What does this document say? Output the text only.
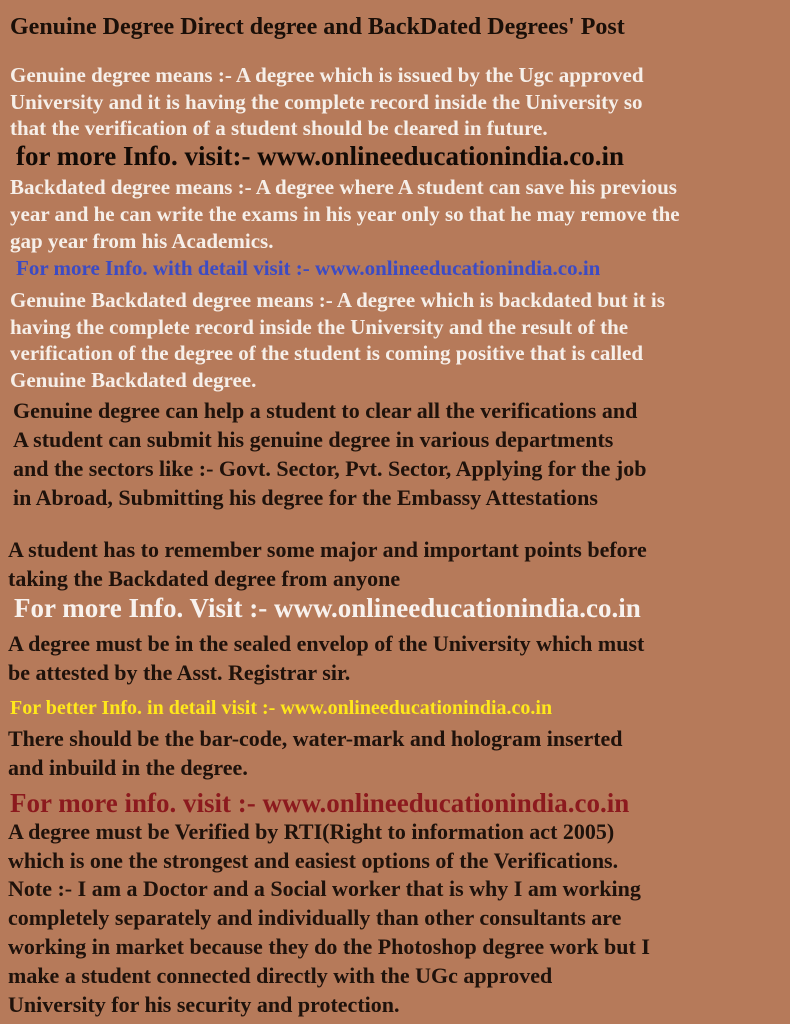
Genuine Degree Direct degree and BackDated Degrees' Post
Genuine degree means :- A degree which is issued by the Ugc approved
University and it is having the complete record inside the University so
that the verification of a student should be cleared in future.
for more Info. visit:- www.onlineeducationindia.co.in
Backdated degree means :- A degree where A student can save his previous
year and he can write the exams in his year only so that he may remove the
gap year from his Academics.
For more Info. with detail visit :- www.onlineeducationindia.co.in
Genuine Backdated degree means :- A degree which is backdated but it is
having the complete record inside the University and the result of the
verification of the degree of the student is coming positive that is called
Genuine Backdated degree.
Genuine degree can help a student to clear all the verifications and
A student can submit his genuine degree in various departments
and the sectors like :- Govt. Sector, Pvt. Sector, Applying for the job
in Abroad, Submitting his degree for the Embassy Attestations
A student has to remember some major and important points before
taking the Backdated degree from anyone
For more Info. Visit :- www.onlineeducationindia.co.in
A degree must be in the sealed envelop of the University which must
be attested by the Asst. Registrar sir.
For better Info. in detail visit :- www.onlineeducationindia.co.in
There should be the bar-code, water-mark and hologram inserted
and inbuild in the degree.
For more info. visit :- www.onlineeducationindia.co.in
A degree must be Verified by RTI(Right to information act 2005)
which is one the strongest and easiest options of the Verifications.
Note :- I am a Doctor and a Social worker that is why I am working
completely separately and individually than other consultants are
working in market because they do the Photoshop degree work but I
make a student connected directly with the UGc approved
University for his security and protection.
